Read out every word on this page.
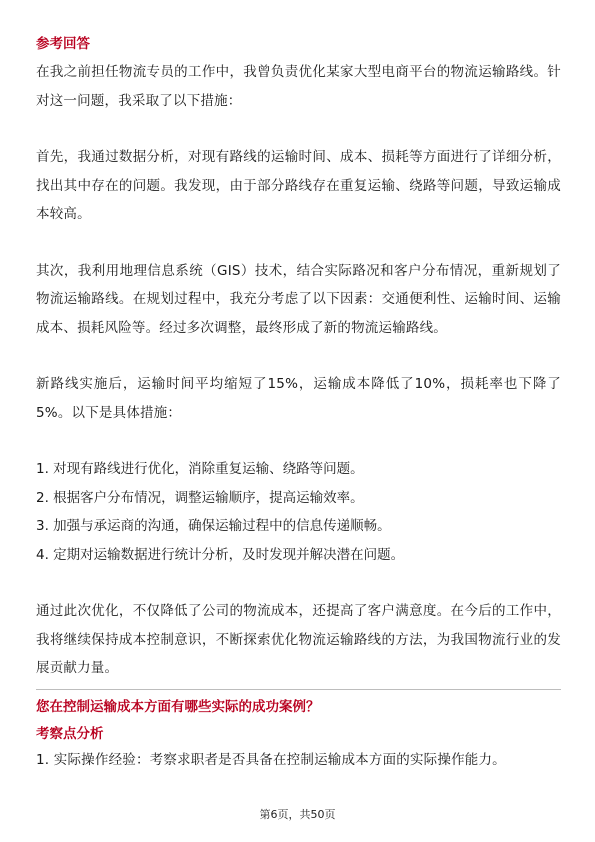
参考回答

在我之前担任物流专员的工作中，我曾负责优化某家大型电商平台的物流运输路线。针对这一问题，我采取了以下措施：

首先，我通过数据分析，对现有路线的运输时间、成本、损耗等方面进行了详细分析，找出其中存在的问题。我发现，由于部分路线存在重复运输、绕路等问题，导致运输成本较高。

其次，我利用地理信息系统（GIS）技术，结合实际路况和客户分布情况，重新规划了物流运输路线。在规划过程中，我充分考虑了以下因素：交通便利性、运输时间、运输成本、损耗风险等。经过多次调整，最终形成了新的物流运输路线。

新路线实施后，运输时间平均缩短了15%，运输成本降低了10%，损耗率也下降了5%。以下是具体措施：

1. 对现有路线进行优化，消除重复运输、绕路等问题。
2. 根据客户分布情况，调整运输顺序，提高运输效率。
3. 加强与承运商的沟通，确保运输过程中的信息传递顺畅。
4. 定期对运输数据进行统计分析，及时发现并解决潜在问题。

通过此次优化，不仅降低了公司的物流成本，还提高了客户满意度。在今后的工作中，我将继续保持成本控制意识，不断探索优化物流运输路线的方法，为我国物流行业的发展贡献力量。

您在控制运输成本方面有哪些实际的成功案例？

考察点分析

1. 实际操作经验：考察求职者是否具备在控制运输成本方面的实际操作能力。

第6页，共50页
